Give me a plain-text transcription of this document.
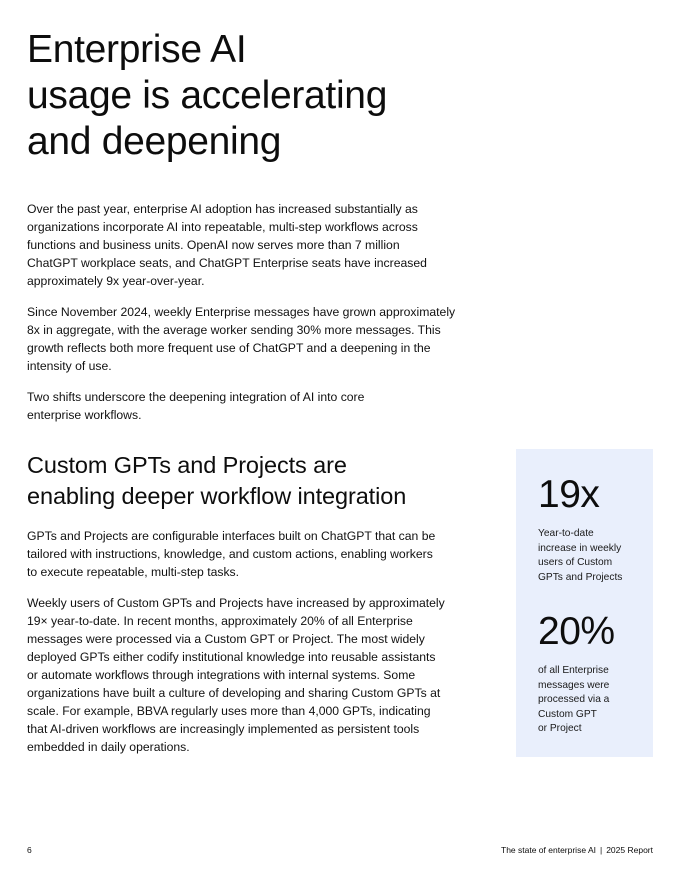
Enterprise AI
usage is accelerating
and deepening

Over the past year, enterprise AI adoption has increased substantially as
organizations incorporate AI into repeatable, multi-step workflows across
functions and business units. OpenAI now serves more than 7 million
ChatGPT workplace seats, and ChatGPT Enterprise seats have increased
approximately 9x year-over-year.

Since November 2024, weekly Enterprise messages have grown approximately
8x in aggregate, with the average worker sending 30% more messages. This
growth reflects both more frequent use of ChatGPT and a deepening in the
intensity of use.

Two shifts underscore the deepening integration of AI into core
enterprise workflows.

Custom GPTs and Projects are
enabling deeper workflow integration

GPTs and Projects are configurable interfaces built on ChatGPT that can be
tailored with instructions, knowledge, and custom actions, enabling workers
to execute repeatable, multi-step tasks.

Weekly users of Custom GPTs and Projects have increased by approximately
19× year-to-date. In recent months, approximately 20% of all Enterprise
messages were processed via a Custom GPT or Project. The most widely
deployed GPTs either codify institutional knowledge into reusable assistants
or automate workflows through integrations with internal systems. Some
organizations have built a culture of developing and sharing Custom GPTs at
scale. For example, BBVA regularly uses more than 4,000 GPTs, indicating
that AI-driven workflows are increasingly implemented as persistent tools
embedded in daily operations.

19x
Year-to-date
increase in weekly
users of Custom
GPTs and Projects
20%
of all Enterprise
messages were
processed via a
Custom GPT
or Project
6	The state of enterprise AI | 2025 Report
